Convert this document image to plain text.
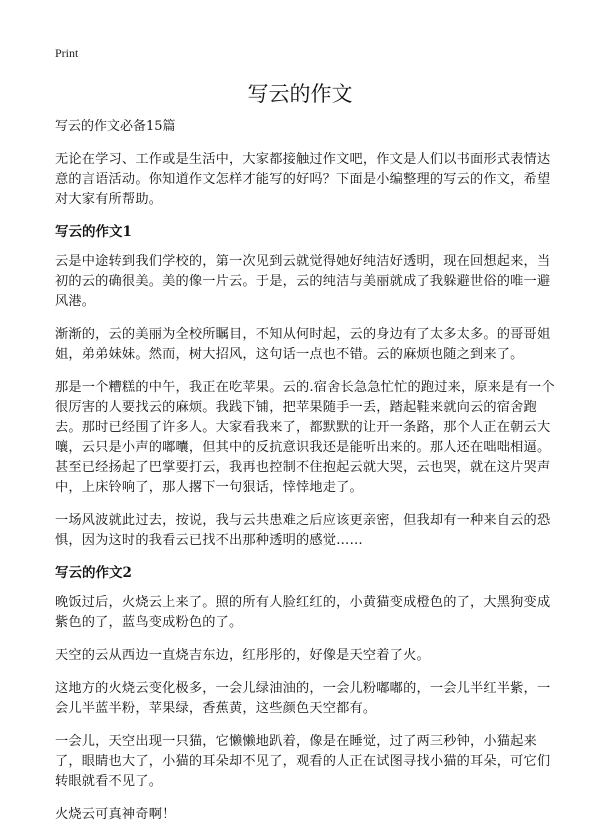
Print
写云的作文
写云的作文必备15篇

无论在学习、工作或是生活中，大家都接触过作文吧，作文是人们以书面形式表情达意的言语活动。你知道作文怎样才能写的好吗？下面是小编整理的写云的作文，希望对大家有所帮助。

写云的作文1

云是中途转到我们学校的，第一次见到云就觉得她好纯洁好透明，现在回想起来，当初的云的确很美。美的像一片云。于是，云的纯洁与美丽就成了我躲避世俗的唯一避风港。

渐渐的，云的美丽为全校所瞩目，不知从何时起，云的身边有了太多太多。的哥哥姐姐，弟弟妹妹。然而，树大招风，这句话一点也不错。云的麻烦也随之到来了。

那是一个糟糕的中午，我正在吃苹果。云的.宿舍长急急忙忙的跑过来，原来是有一个很厉害的人要找云的麻烦。我践下铺，把苹果随手一丢，踏起鞋来就向云的宿舍跑去。那时已经围了许多人。大家看我来了，都默默的让开一条路，那个人正在朝云大嚷，云只是小声的嘟囔，但其中的反抗意识我还是能听出来的。那人还在咄咄相逼。甚至已经扬起了巴掌要打云，我再也控制不住抱起云就大哭，云也哭，就在这片哭声中，上床铃响了，那人撂下一句狠话，悻悻地走了。

一场风波就此过去，按说，我与云共患难之后应该更亲密，但我却有一种来自云的恐惧，因为这时的我看云已找不出那种透明的感觉……

写云的作文2

晚饭过后，火烧云上来了。照的所有人脸红红的，小黄猫变成橙色的了，大黑狗变成紫色的了，蓝鸟变成粉色的了。

天空的云从西边一直烧吉东边，红彤彤的，好像是天空着了火。

这地方的火烧云变化极多，一会儿绿油油的，一会儿粉嘟嘟的，一会儿半红半紫，一会儿半蓝半粉，苹果绿，香蕉黄，这些颜色天空都有。

一会儿，天空出现一只猫，它懒懒地趴着，像是在睡觉，过了两三秒钟，小猫起来了，眼睛也大了，小猫的耳朵却不见了，观看的人正在试图寻找小猫的耳朵，可它们转眼就看不见了。

火烧云可真神奇啊！
